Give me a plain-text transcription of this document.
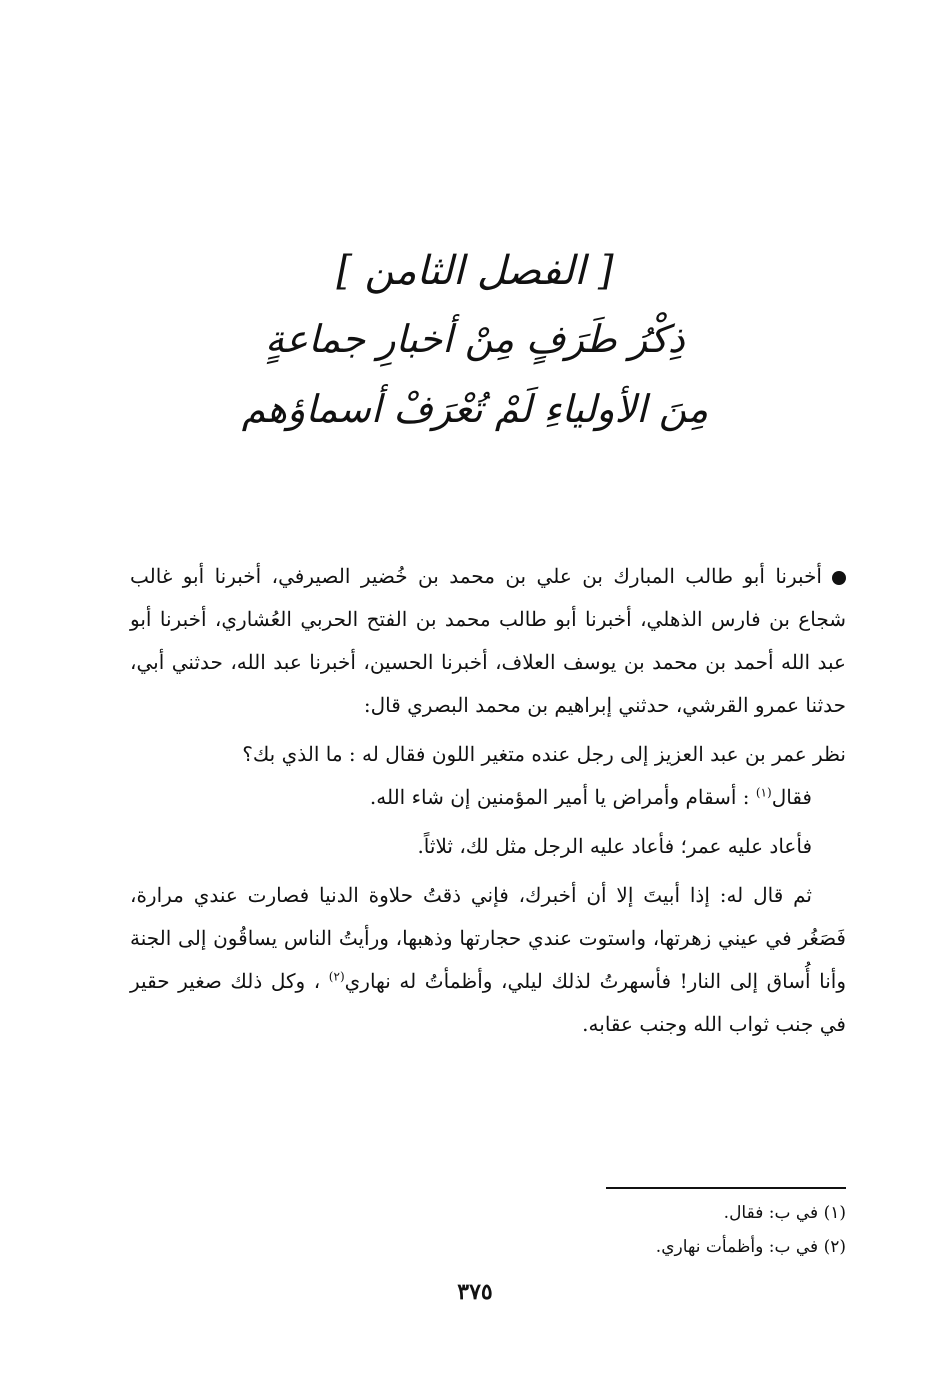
[ الفصل الثامن ]
ذِكْرُ طَرَفٍ مِنْ أخبارِ جماعةٍ
مِنَ الأولياءِ لَمْ تُعْرَفْ أسماؤهم

أخبرنا أبو طالب المبارك بن علي بن محمد بن خُضير الصيرفي، أخبرنا أبو غالب شجاع بن فارس الذهلي، أخبرنا أبو طالب محمد بن الفتح الحربي العُشاري، أخبرنا أبو عبد الله أحمد بن محمد بن يوسف العلاف، أخبرنا الحسين، أخبرنا عبد الله، حدثني أبي، حدثنا عمرو القرشي، حدثني إبراهيم بن محمد البصري قال:

نظر عمر بن عبد العزيز إلى رجل عنده متغير اللون فقال له : ما الذي بك؟

فقال$^{(١)}$ : أسقام وأمراض يا أمير المؤمنين إن شاء الله.

فأعاد عليه عمر؛ فأعاد عليه الرجل مثل لك، ثلاثاً.

ثم قال له: إذا أبيتَ إلا أن أخبرك، فإني ذقتُ حلاوة الدنيا فصارت عندي مرارة، فَصَغُر في عيني زهرتها، واستوت عندي حجارتها وذهبها، ورأيتُ الناس يساقُون إلى الجنة وأنا أُساق إلى النار! فأسهرتُ لذلك ليلي، وأظمأتُ له نهاري$^{(٢)}$ ، وكل ذلك صغير حقير في جنب ثواب الله وجنب عقابه.

(١) في ب: فقال.
(٢) في ب: وأظمأت نهاري.
٣٧٥
